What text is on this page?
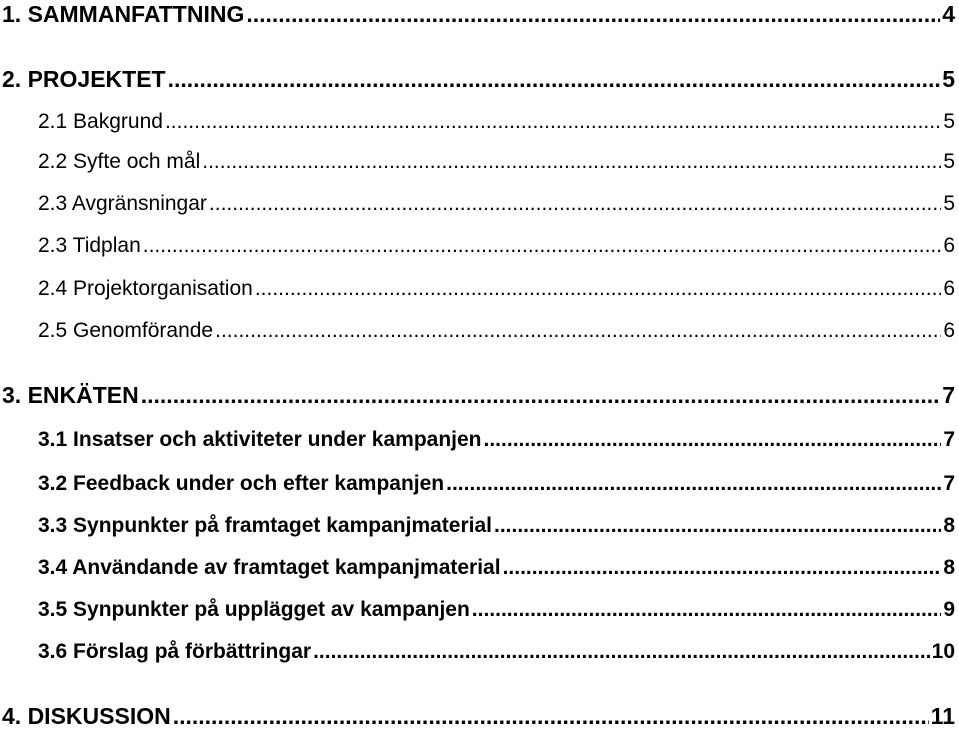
1. SAMMANFATTNING .....	4
2. PROJEKTET .....	5
2.1 Bakgrund .....	5
2.2 Syfte och mål .....	5
2.3 Avgränsningar .....	5
2.3 Tidplan .....	6
2.4 Projektorganisation .....	6
2.5 Genomförande .....	6
3. ENKÄTEN .....	7
3.1 Insatser och aktiviteter under kampanjen .....	7
3.2 Feedback under och efter kampanjen .....	7
3.3 Synpunkter på framtaget kampanjmaterial .....	8
3.4 Användande av framtaget kampanjmaterial .....	8
3.5 Synpunkter på upplägget av kampanjen .....	9
3.6 Förslag på förbättringar .....	10
4. DISKUSSION .....	11
